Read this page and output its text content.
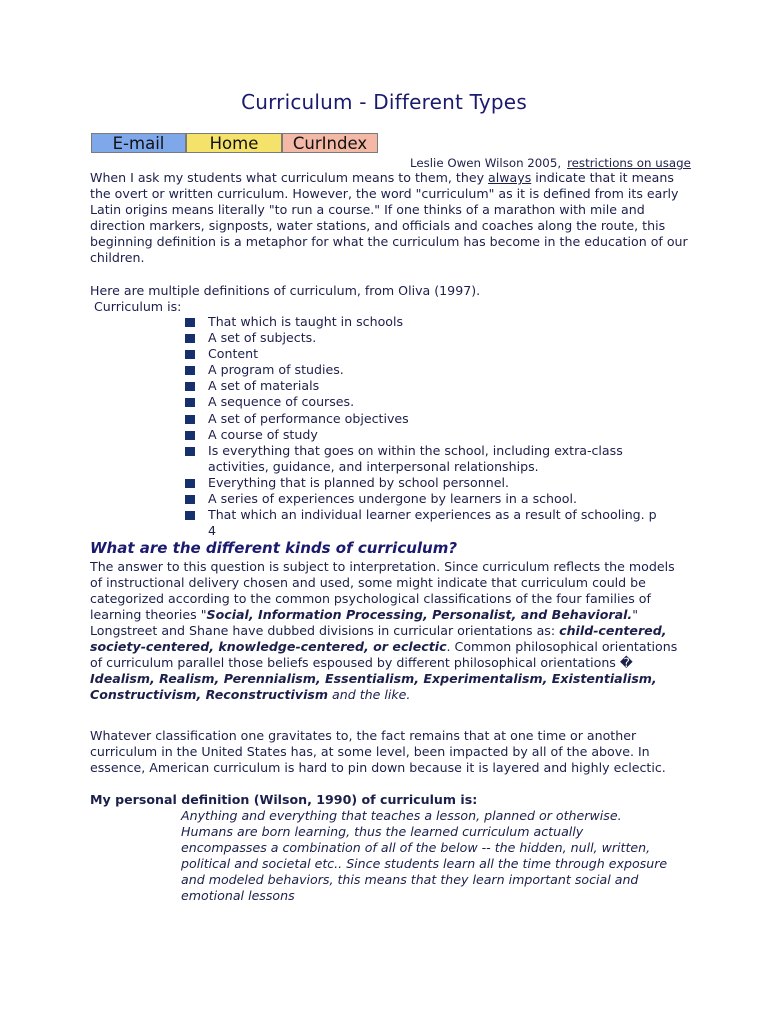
Curriculum - Different Types
E-mail	Home	CurIndex
Leslie Owen Wilson 2005, restrictions on usage

When I ask my students what curriculum means to them, they always indicate that it means the overt or written curriculum. However, the word "curriculum" as it is defined from its early Latin origins means literally "to run a course." If one thinks of a marathon with mile and direction markers, signposts, water stations, and officials and coaches along the route, this beginning definition is a metaphor for what the curriculum has become in the education of our children.

Here are multiple definitions of curriculum, from Oliva (1997).

Curriculum is:

That which is taught in schools
A set of subjects.
Content
A program of studies.
A set of materials
A sequence of courses.
A set of performance objectives
A course of study
Is everything that goes on within the school, including extra-class activities, guidance, and interpersonal relationships.
Everything that is planned by school personnel.
A series of experiences undergone by learners in a school.
That which an individual learner experiences as a result of schooling. p 4
What are the different kinds of curriculum?

The answer to this question is subject to interpretation. Since curriculum reflects the models of instructional delivery chosen and used, some might indicate that curriculum could be categorized according to the common psychological classifications of the four families of learning theories "Social, Information Processing, Personalist, and Behavioral." Longstreet and Shane have dubbed divisions in curricular orientations as: child-centered, society-centered, knowledge-centered, or eclectic. Common philosophical orientations of curriculum parallel those beliefs espoused by different philosophical orientations � Idealism, Realism, Perennialism, Essentialism, Experimentalism, Existentialism, Constructivism, Reconstructivism and the like.

Whatever classification one gravitates to, the fact remains that at one time or another curriculum in the United States has, at some level, been impacted by all of the above. In essence, American curriculum is hard to pin down because it is layered and highly eclectic.

My personal definition (Wilson, 1990) of curriculum is:

Anything and everything that teaches a lesson, planned or otherwise. Humans are born learning, thus the learned curriculum actually encompasses a combination of all of the below -- the hidden, null, written, political and societal etc.. Since students learn all the time through exposure and modeled behaviors, this means that they learn important social and emotional lessons
